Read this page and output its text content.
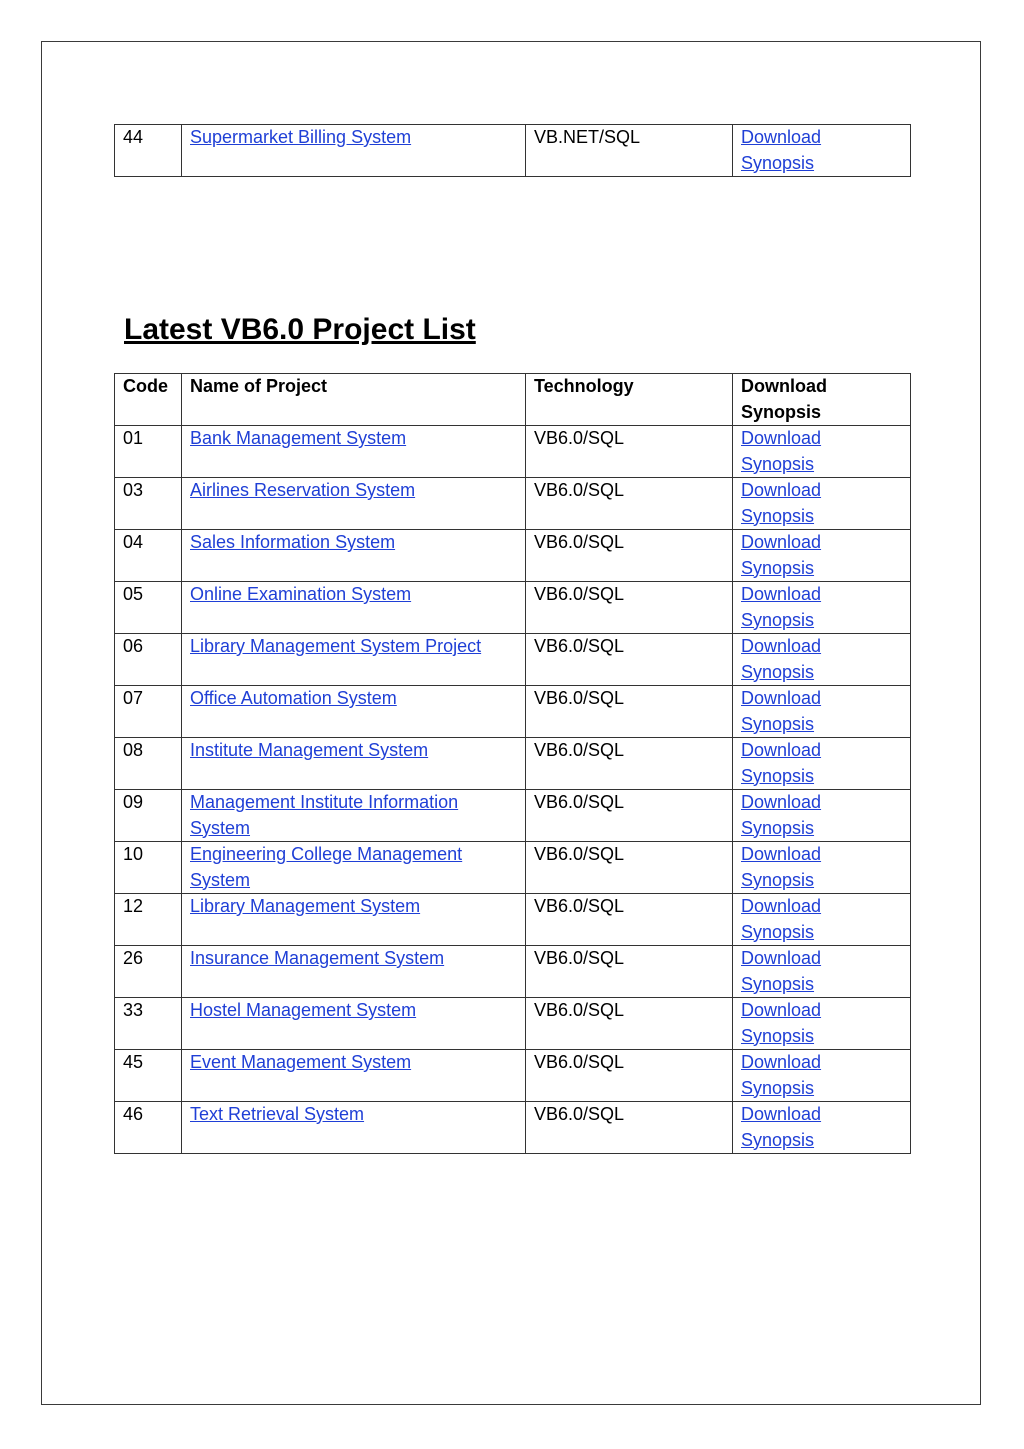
44	Supermarket Billing System	VB.NET/SQL	Download
Synopsis
Latest VB6.0 Project List
Code	Name of Project	Technology	Download
Synopsis
01	Bank Management System	VB6.0/SQL	Download
Synopsis
03	Airlines Reservation System	VB6.0/SQL	Download
Synopsis
04	Sales Information System	VB6.0/SQL	Download
Synopsis
05	Online Examination System	VB6.0/SQL	Download
Synopsis
06	Library Management System Project	VB6.0/SQL	Download
Synopsis
07	Office Automation System	VB6.0/SQL	Download
Synopsis
08	Institute Management System	VB6.0/SQL	Download
Synopsis
09	Management Institute Information System	VB6.0/SQL	Download
Synopsis
10	Engineering College Management System	VB6.0/SQL	Download
Synopsis
12	Library Management System	VB6.0/SQL	Download
Synopsis
26	Insurance Management System	VB6.0/SQL	Download
Synopsis
33	Hostel Management System	VB6.0/SQL	Download
Synopsis
45	Event Management System	VB6.0/SQL	Download
Synopsis
46	Text Retrieval System	VB6.0/SQL	Download
Synopsis
